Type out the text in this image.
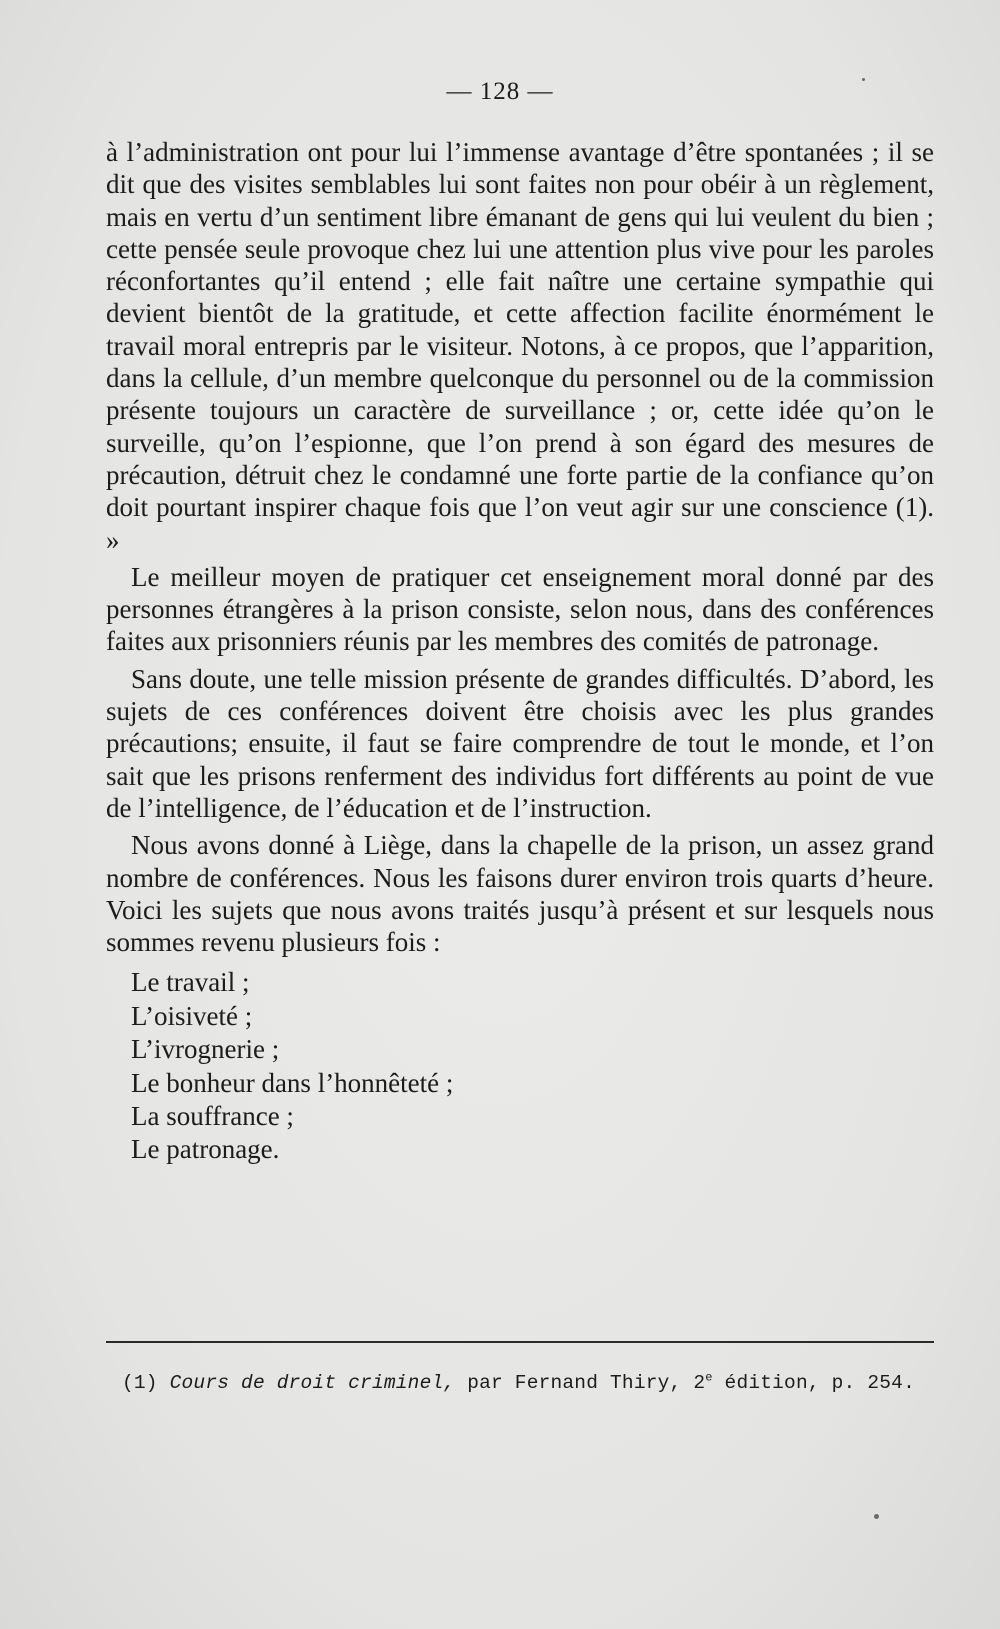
— 128 —

à l’administration ont pour lui l’immense avantage d’être spontanées ; il se dit que des visites semblables lui sont faites non pour obéir à un règlement, mais en vertu d’un sentiment libre émanant de gens qui lui veulent du bien ; cette pensée seule provoque chez lui une attention plus vive pour les paroles réconfortantes qu’il entend ; elle fait naître une certaine sympathie qui devient bientôt de la gratitude, et cette affection facilite énormément le travail moral entrepris par le visiteur. Notons, à ce propos, que l’apparition, dans la cellule, d’un membre quelconque du personnel ou de la commission présente toujours un caractère de surveillance ; or, cette idée qu’on le surveille, qu’on l’espionne, que l’on prend à son égard des mesures de précaution, détruit chez le condamné une forte partie de la confiance qu’on doit pourtant inspirer chaque fois que l’on veut agir sur une conscience (1). »

Le meilleur moyen de pratiquer cet enseignement moral donné par des personnes étrangères à la prison consiste, selon nous, dans des conférences faites aux prisonniers réunis par les membres des comités de patronage.

Sans doute, une telle mission présente de grandes difficultés. D’abord, les sujets de ces conférences doivent être choisis avec les plus grandes précautions; ensuite, il faut se faire comprendre de tout le monde, et l’on sait que les prisons renferment des individus fort différents au point de vue de l’intelligence, de l’éducation et de l’instruction.

Nous avons donné à Liège, dans la chapelle de la prison, un assez grand nombre de conférences. Nous les faisons durer environ trois quarts d’heure. Voici les sujets que nous avons traités jusqu’à présent et sur lesquels nous sommes revenu plusieurs fois :

Le travail ;
L’oisiveté ;
L’ivrognerie ;
Le bonheur dans l’honnêteté ;
La souffrance ;
Le patronage.
(1) Cours de droit criminel, par Fernand Thiry, 2e édition, p. 254.
